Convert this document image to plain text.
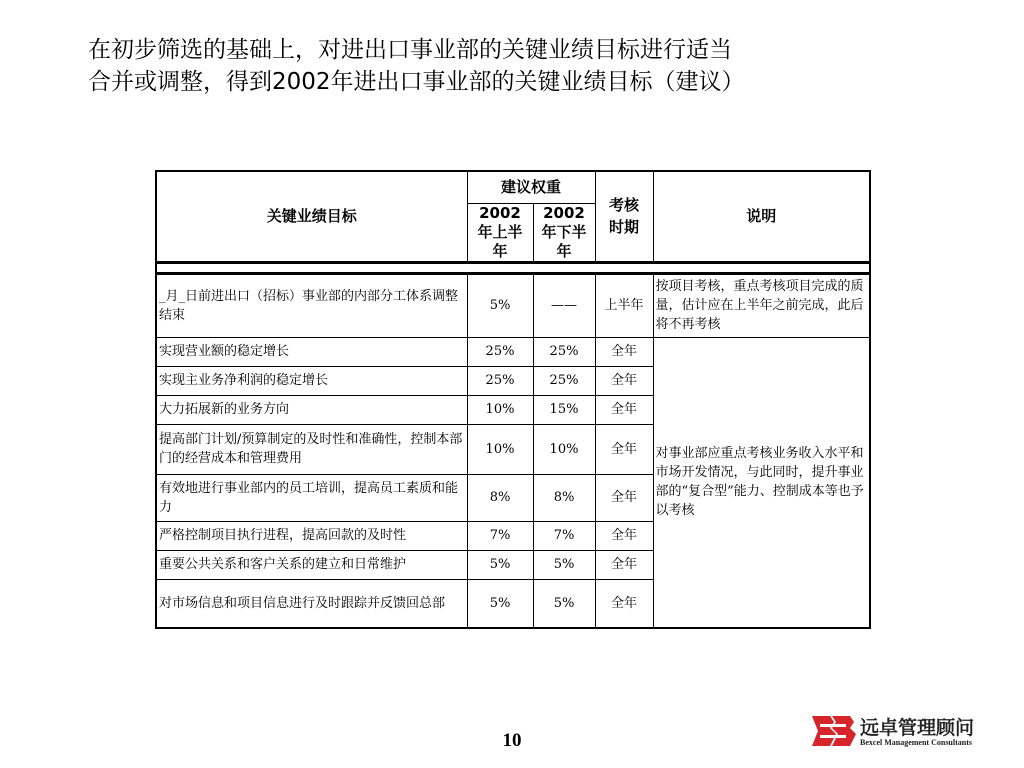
在初步筛选的基础上，对进出口事业部的关键业绩目标进行适当
合并或调整，得到2002年进出口事业部的关键业绩目标（建议）
关键业绩目标	建议权重		考核时期	说明

	2002年上半年	2002年下半年		

_月_日前进出口（招标）事业部的内部分工体系调整结束	5%	——	上半年	按项目考核，重点考核项目完成的质量，估计应在上半年之前完成，此后将不再考核
实现营业额的稳定增长	25%	25%	全年	对事业部应重点考核业务收入水平和市场开发情况，与此同时，提升事业部的“复合型”能力、控制成本等也予以考核
实现主业务净利润的稳定增长	25%	25%	全年	
大力拓展新的业务方向	10%	15%	全年	
提高部门计划/预算制定的及时性和准确性，控制本部门的经营成本和管理费用	10%	10%	全年	
有效地进行事业部内的员工培训，提高员工素质和能力	8%	8%	全年	
严格控制项目执行进程，提高回款的及时性	7%	7%	全年	
重要公共关系和客户关系的建立和日常维护	5%	5%	全年	
对市场信息和项目信息进行及时跟踪并反馈回总部	5%	5%	全年	
10
远卓管理顾问
Bexcel Management Consultants
